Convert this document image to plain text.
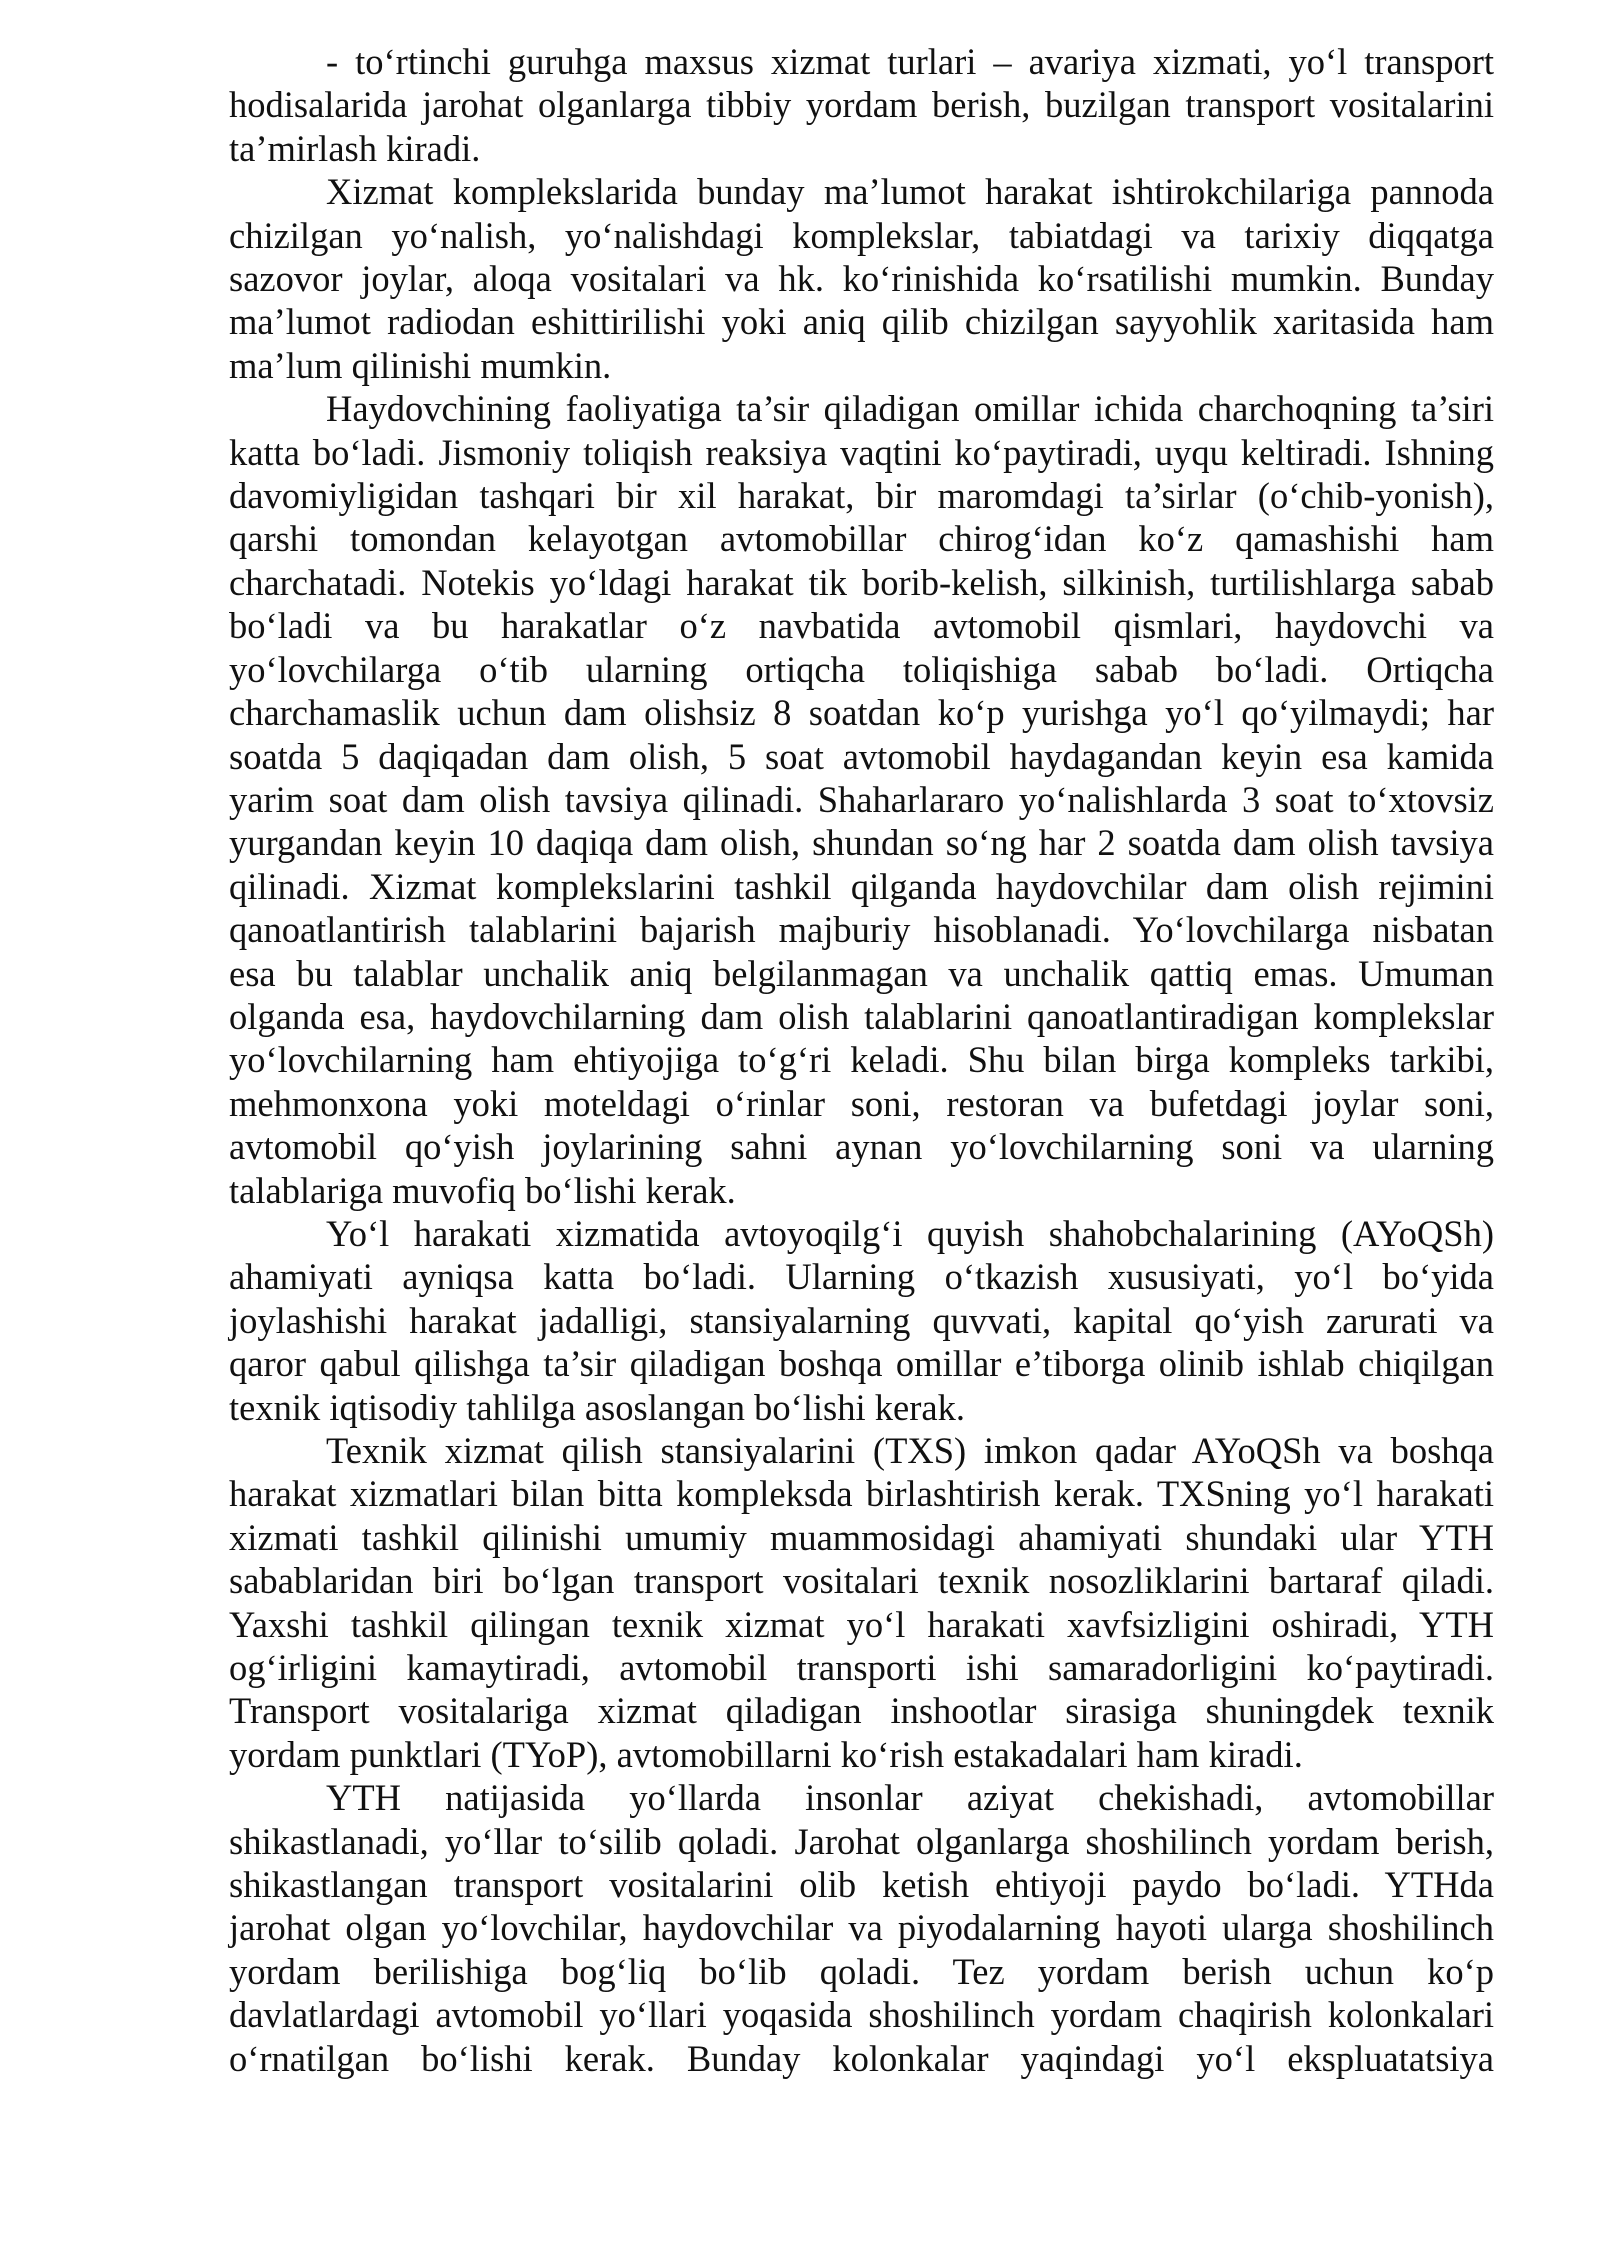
- to‘rtinchi guruhga maxsus xizmat turlari – avariya xizmati, yo‘l transport
hodisalarida jarohat olganlarga tibbiy yordam berish, buzilgan transport vositalarini
ta’mirlash kiradi.
Xizmat komplekslarida bunday ma’lumot harakat ishtirokchilariga pannoda
chizilgan yo‘nalish, yo‘nalishdagi komplekslar, tabiatdagi va tarixiy diqqatga
sazovor joylar, aloqa vositalari va hk. ko‘rinishida ko‘rsatilishi mumkin. Bunday
ma’lumot radiodan eshittirilishi yoki aniq qilib chizilgan sayyohlik xaritasida ham
ma’lum qilinishi mumkin.
Haydovchining faoliyatiga ta’sir qiladigan omillar ichida charchoqning ta’siri
katta bo‘ladi. Jismoniy toliqish reaksiya vaqtini ko‘paytiradi, uyqu keltiradi. Ishning
davomiyligidan tashqari bir xil harakat, bir maromdagi ta’sirlar (o‘chib-yonish),
qarshi tomondan kelayotgan avtomobillar chirog‘idan ko‘z qamashishi ham
charchatadi. Notekis yo‘ldagi harakat tik borib-kelish, silkinish, turtilishlarga sabab
bo‘ladi va bu harakatlar o‘z navbatida avtomobil qismlari, haydovchi va
yo‘lovchilarga o‘tib ularning ortiqcha toliqishiga sabab bo‘ladi. Ortiqcha
charchamaslik uchun dam olishsiz 8 soatdan ko‘p yurishga yo‘l qo‘yilmaydi; har
soatda 5 daqiqadan dam olish, 5 soat avtomobil haydagandan keyin esa kamida
yarim soat dam olish tavsiya qilinadi. Shaharlararo yo‘nalishlarda 3 soat to‘xtovsiz
yurgandan keyin 10 daqiqa dam olish, shundan so‘ng har 2 soatda dam olish tavsiya
qilinadi. Xizmat komplekslarini tashkil qilganda haydovchilar dam olish rejimini
qanoatlantirish talablarini bajarish majburiy hisoblanadi. Yo‘lovchilarga nisbatan
esa bu talablar unchalik aniq belgilanmagan va unchalik qattiq emas. Umuman
olganda esa, haydovchilarning dam olish talablarini qanoatlantiradigan komplekslar
yo‘lovchilarning ham ehtiyojiga to‘g‘ri keladi. Shu bilan birga kompleks tarkibi,
mehmonxona yoki moteldagi o‘rinlar soni, restoran va bufetdagi joylar soni,
avtomobil qo‘yish joylarining sahni aynan yo‘lovchilarning soni va ularning
talablariga muvofiq bo‘lishi kerak.
Yo‘l harakati xizmatida avtoyoqilg‘i quyish shahobchalarining (AYoQSh)
ahamiyati ayniqsa katta bo‘ladi. Ularning o‘tkazish xususiyati, yo‘l bo‘yida
joylashishi harakat jadalligi, stansiyalarning quvvati, kapital qo‘yish zarurati va
qaror qabul qilishga ta’sir qiladigan boshqa omillar e’tiborga olinib ishlab chiqilgan
texnik iqtisodiy tahlilga asoslangan bo‘lishi kerak.
Texnik xizmat qilish stansiyalarini (TXS) imkon qadar AYoQSh va boshqa
harakat xizmatlari bilan bitta kompleksda birlashtirish kerak. TXSning yo‘l harakati
xizmati tashkil qilinishi umumiy muammosidagi ahamiyati shundaki ular YTH
sabablaridan biri bo‘lgan transport vositalari texnik nosozliklarini bartaraf qiladi.
Yaxshi tashkil qilingan texnik xizmat yo‘l harakati xavfsizligini oshiradi, YTH
og‘irligini kamaytiradi, avtomobil transporti ishi samaradorligini ko‘paytiradi.
Transport vositalariga xizmat qiladigan inshootlar sirasiga shuningdek texnik
yordam punktlari (TYoP), avtomobillarni ko‘rish estakadalari ham kiradi.
YTH natijasida yo‘llarda insonlar aziyat chekishadi, avtomobillar
shikastlanadi, yo‘llar to‘silib qoladi. Jarohat olganlarga shoshilinch yordam berish,
shikastlangan transport vositalarini olib ketish ehtiyoji paydo bo‘ladi. YTHda
jarohat olgan yo‘lovchilar, haydovchilar va piyodalarning hayoti ularga shoshilinch
yordam berilishiga bog‘liq bo‘lib qoladi. Tez yordam berish uchun ko‘p
davlatlardagi avtomobil yo‘llari yoqasida shoshilinch yordam chaqirish kolonkalari
o‘rnatilgan bo‘lishi kerak. Bunday kolonkalar yaqindagi yo‘l ekspluatatsiya
